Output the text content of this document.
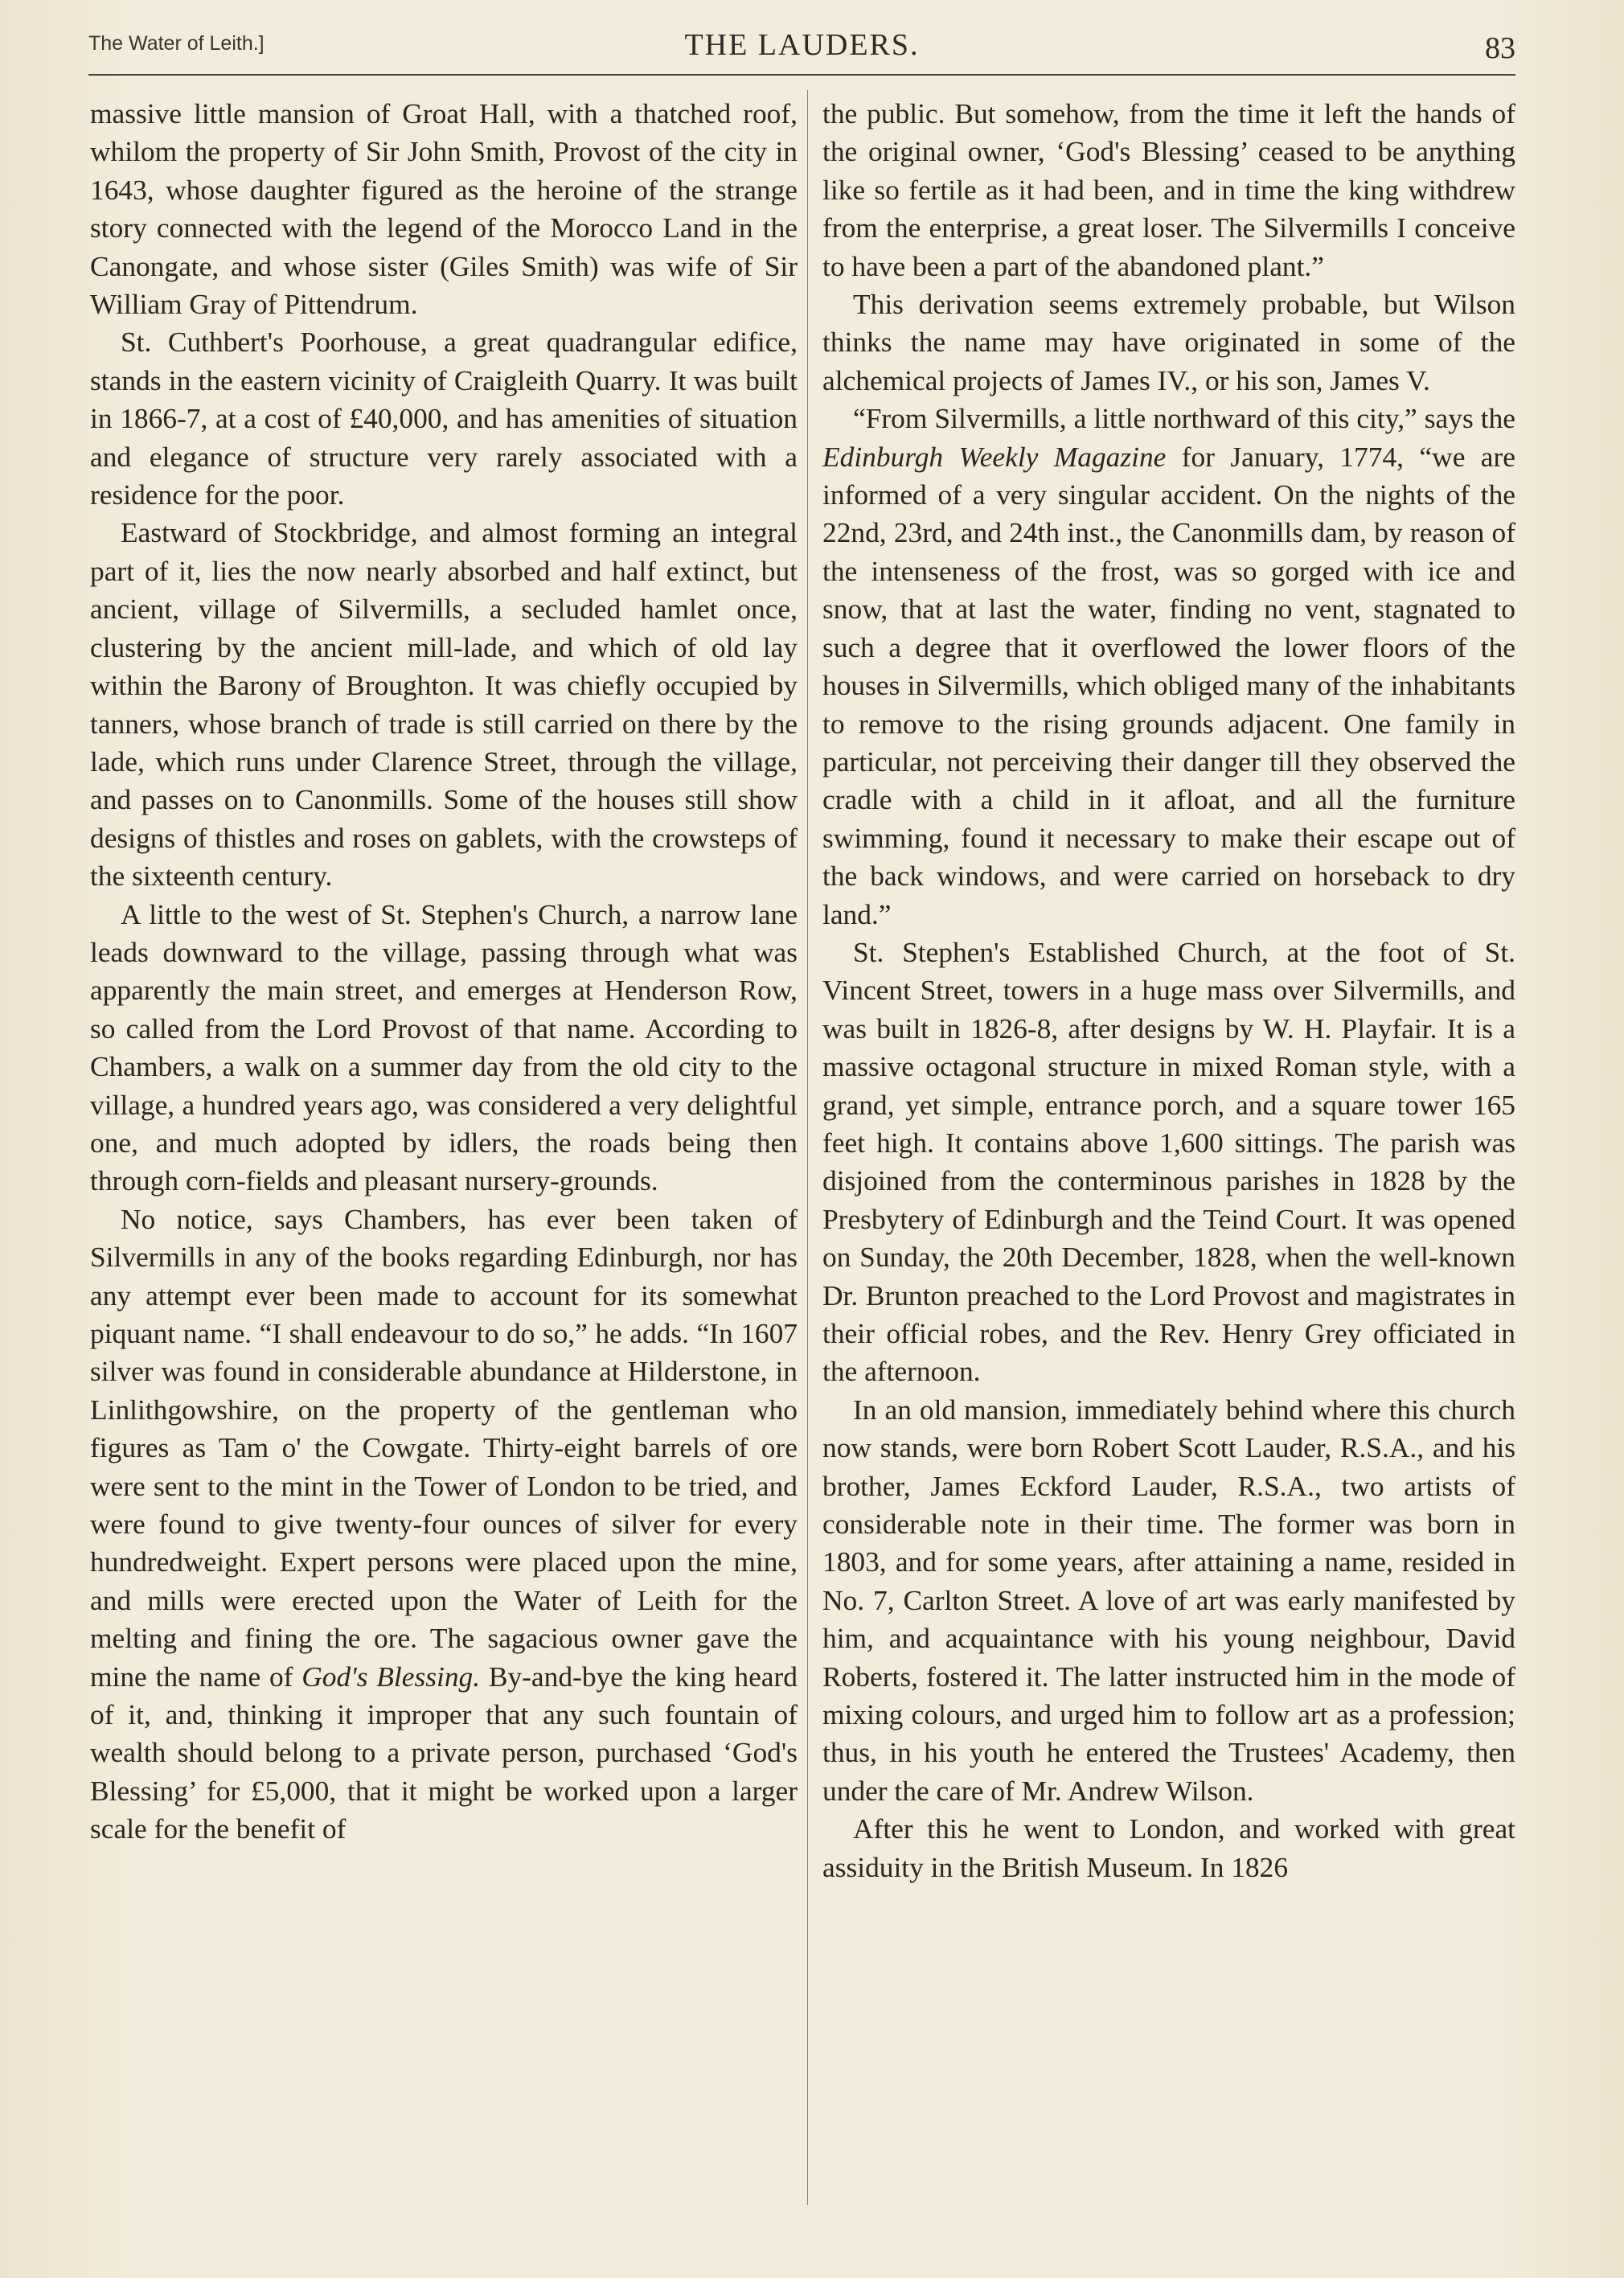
The Water of Leith.]	THE LAUDERS.	83

massive little mansion of Groat Hall, with a thatched roof, whilom the property of Sir John Smith, Provost of the city in 1643, whose daughter figured as the heroine of the strange story connected with the legend of the Morocco Land in the Canongate, and whose sister (Giles Smith) was wife of Sir William Gray of Pittendrum.

St. Cuthbert's Poorhouse, a great quadrangular edifice, stands in the eastern vicinity of Craigleith Quarry. It was built in 1866-7, at a cost of £40,000, and has amenities of situation and elegance of structure very rarely associated with a residence for the poor.

Eastward of Stockbridge, and almost forming an integral part of it, lies the now nearly absorbed and half extinct, but ancient, village of Silvermills, a secluded hamlet once, clustering by the ancient mill-lade, and which of old lay within the Barony of Broughton. It was chiefly occupied by tanners, whose branch of trade is still carried on there by the lade, which runs under Clarence Street, through the village, and passes on to Canonmills. Some of the houses still show designs of thistles and roses on gablets, with the crowsteps of the sixteenth century.

A little to the west of St. Stephen's Church, a narrow lane leads downward to the village, passing through what was apparently the main street, and emerges at Henderson Row, so called from the Lord Provost of that name. According to Chambers, a walk on a summer day from the old city to the village, a hundred years ago, was considered a very delightful one, and much adopted by idlers, the roads being then through corn-fields and pleasant nursery-grounds.

No notice, says Chambers, has ever been taken of Silvermills in any of the books regarding Edinburgh, nor has any attempt ever been made to account for its somewhat piquant name. “I shall endeavour to do so,” he adds. “In 1607 silver was found in considerable abundance at Hilderstone, in Linlithgowshire, on the property of the gentleman who figures as Tam o' the Cowgate. Thirty-eight barrels of ore were sent to the mint in the Tower of London to be tried, and were found to give twenty-four ounces of silver for every hundredweight. Expert persons were placed upon the mine, and mills were erected upon the Water of Leith for the melting and fining the ore. The sagacious owner gave the mine the name of God's Blessing. By-and-bye the king heard of it, and, thinking it improper that any such fountain of wealth should belong to a private person, purchased ‘God's Blessing’ for £5,000, that it might be worked upon a larger scale for the benefit of

the public. But somehow, from the time it left the hands of the original owner, ‘God's Blessing’ ceased to be anything like so fertile as it had been, and in time the king withdrew from the enterprise, a great loser. The Silvermills I conceive to have been a part of the abandoned plant.”

This derivation seems extremely probable, but Wilson thinks the name may have originated in some of the alchemical projects of James IV., or his son, James V.

“From Silvermills, a little northward of this city,” says the Edinburgh Weekly Magazine for January, 1774, “we are informed of a very singular accident. On the nights of the 22nd, 23rd, and 24th inst., the Canonmills dam, by reason of the intenseness of the frost, was so gorged with ice and snow, that at last the water, finding no vent, stagnated to such a degree that it overflowed the lower floors of the houses in Silvermills, which obliged many of the inhabitants to remove to the rising grounds adjacent. One family in particular, not perceiving their danger till they observed the cradle with a child in it afloat, and all the furniture swimming, found it necessary to make their escape out of the back windows, and were carried on horseback to dry land.”

St. Stephen's Established Church, at the foot of St. Vincent Street, towers in a huge mass over Silvermills, and was built in 1826-8, after designs by W. H. Playfair. It is a massive octagonal structure in mixed Roman style, with a grand, yet simple, entrance porch, and a square tower 165 feet high. It contains above 1,600 sittings. The parish was disjoined from the conterminous parishes in 1828 by the Presbytery of Edinburgh and the Teind Court. It was opened on Sunday, the 20th December, 1828, when the well-known Dr. Brunton preached to the Lord Provost and magistrates in their official robes, and the Rev. Henry Grey officiated in the afternoon.

In an old mansion, immediately behind where this church now stands, were born Robert Scott Lauder, R.S.A., and his brother, James Eckford Lauder, R.S.A., two artists of considerable note in their time. The former was born in 1803, and for some years, after attaining a name, resided in No. 7, Carlton Street. A love of art was early manifested by him, and acquaintance with his young neighbour, David Roberts, fostered it. The latter instructed him in the mode of mixing colours, and urged him to follow art as a profession; thus, in his youth he entered the Trustees' Academy, then under the care of Mr. Andrew Wilson.

After this he went to London, and worked with great assiduity in the British Museum. In 1826
